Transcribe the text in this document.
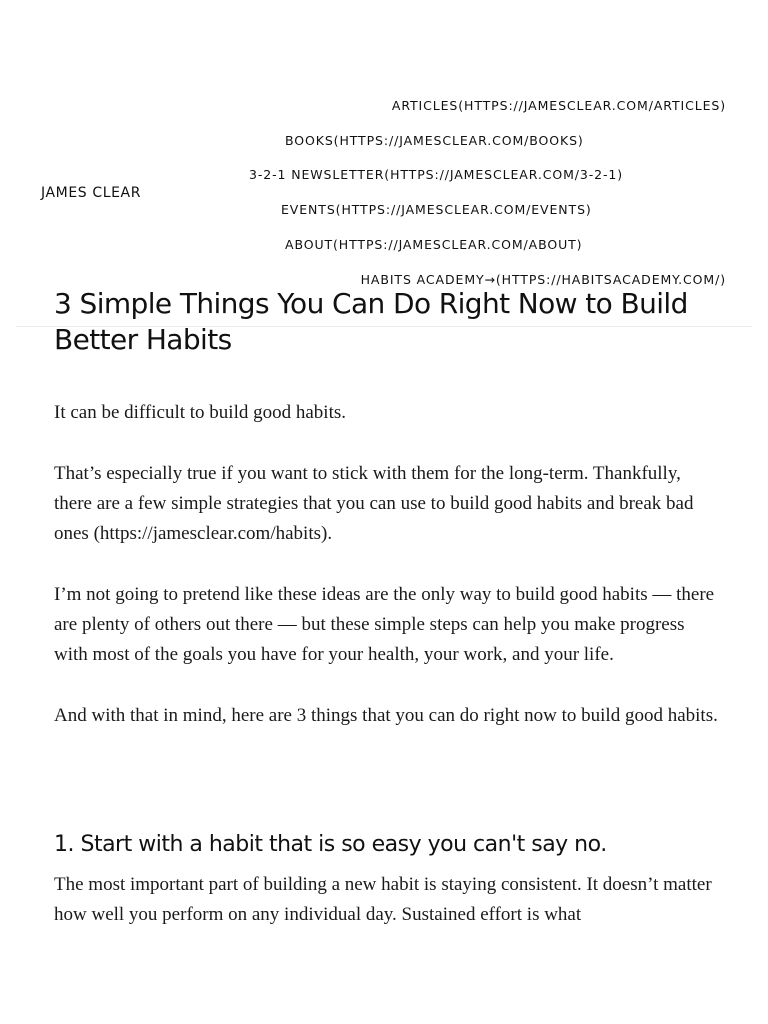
JAMES CLEAR
ARTICLES(HTTPS://JAMESCLEAR.COM/ARTICLES)
BOOKS(HTTPS://JAMESCLEAR.COM/BOOKS)
3-2-1 NEWSLETTER(HTTPS://JAMESCLEAR.COM/3-2-1)
EVENTS(HTTPS://JAMESCLEAR.COM/EVENTS)
ABOUT(HTTPS://JAMESCLEAR.COM/ABOUT)
HABITS ACADEMY→(HTTPS://HABITSACADEMY.COM/)
3 Simple Things You Can Do Right Now to Build Better Habits

It can be difficult to build good habits.

That’s especially true if you want to stick with them for the long-term. Thankfully, there are a few simple strategies that you can use to build good habits and break bad ones (https://jamesclear.com/habits).

I’m not going to pretend like these ideas are the only way to build good habits — there are plenty of others out there — but these simple steps can help you make progress with most of the goals you have for your health, your work, and your life.

And with that in mind, here are 3 things that you can do right now to build good habits.

1. Start with a habit that is so easy you can't say no.

The most important part of building a new habit is staying consistent. It doesn’t matter how well you perform on any individual day. Sustained effort is what
